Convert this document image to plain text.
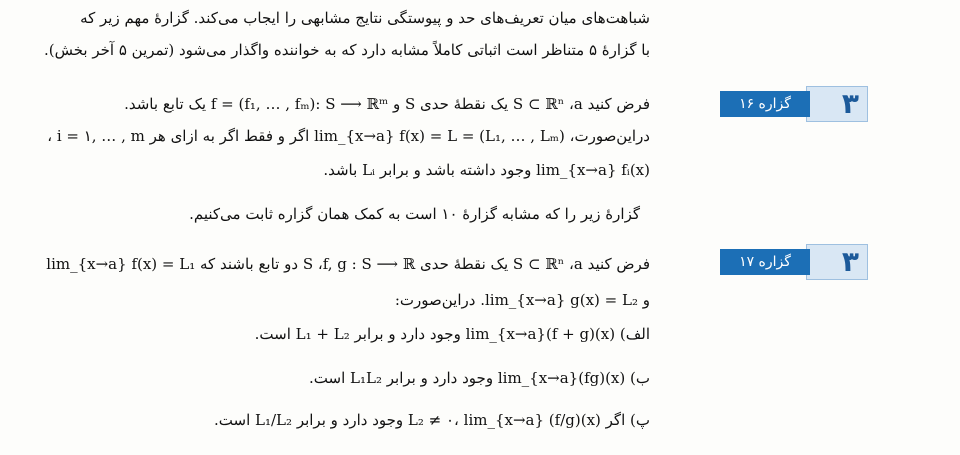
شباهت‌های میان تعریف‌های حد و پیوستگی نتایج مشابهی را ایجاب می‌کند. گزارهٔ مهم زیر که
با گزارهٔ ۵ متناظر است اثباتی کاملاً مشابه دارد که به خواننده واگذار می‌شود (تمرین ۵ آخر بخش).
۳
گزاره ۱۶
فرض کنید S ⊂ ℝⁿ ،a یک نقطهٔ حدی S و f = (f₁, … , fₘ): S ⟶ ℝᵐ یک تابع باشد.
دراین‌صورت، lim_{x→a} f(x) = L = (L₁, … , Lₘ) اگر و فقط اگر به ازای هر i = ۱, … , m ،
lim_{x→a} fᵢ(x) وجود داشته باشد و برابر Lᵢ باشد.
گزارهٔ زیر را که مشابه گزارهٔ ۱۰ است به کمک همان گزاره ثابت می‌کنیم.
۳
گزاره ۱۷
فرض کنید S ⊂ ℝⁿ ،a یک نقطهٔ حدی S ،f, g : S ⟶ ℝ دو تابع باشند که lim_{x→a} f(x) = L₁
و lim_{x→a} g(x) = L₂. دراین‌صورت:
الف) lim_{x→a}(f + g)(x) وجود دارد و برابر L₁ + L₂ است.
ب) lim_{x→a}(fg)(x) وجود دارد و برابر L₁L₂ است.
پ) اگر L₂ ≠ ۰، lim_{x→a} (f/g)(x) وجود دارد و برابر L₁/L₂ است.
